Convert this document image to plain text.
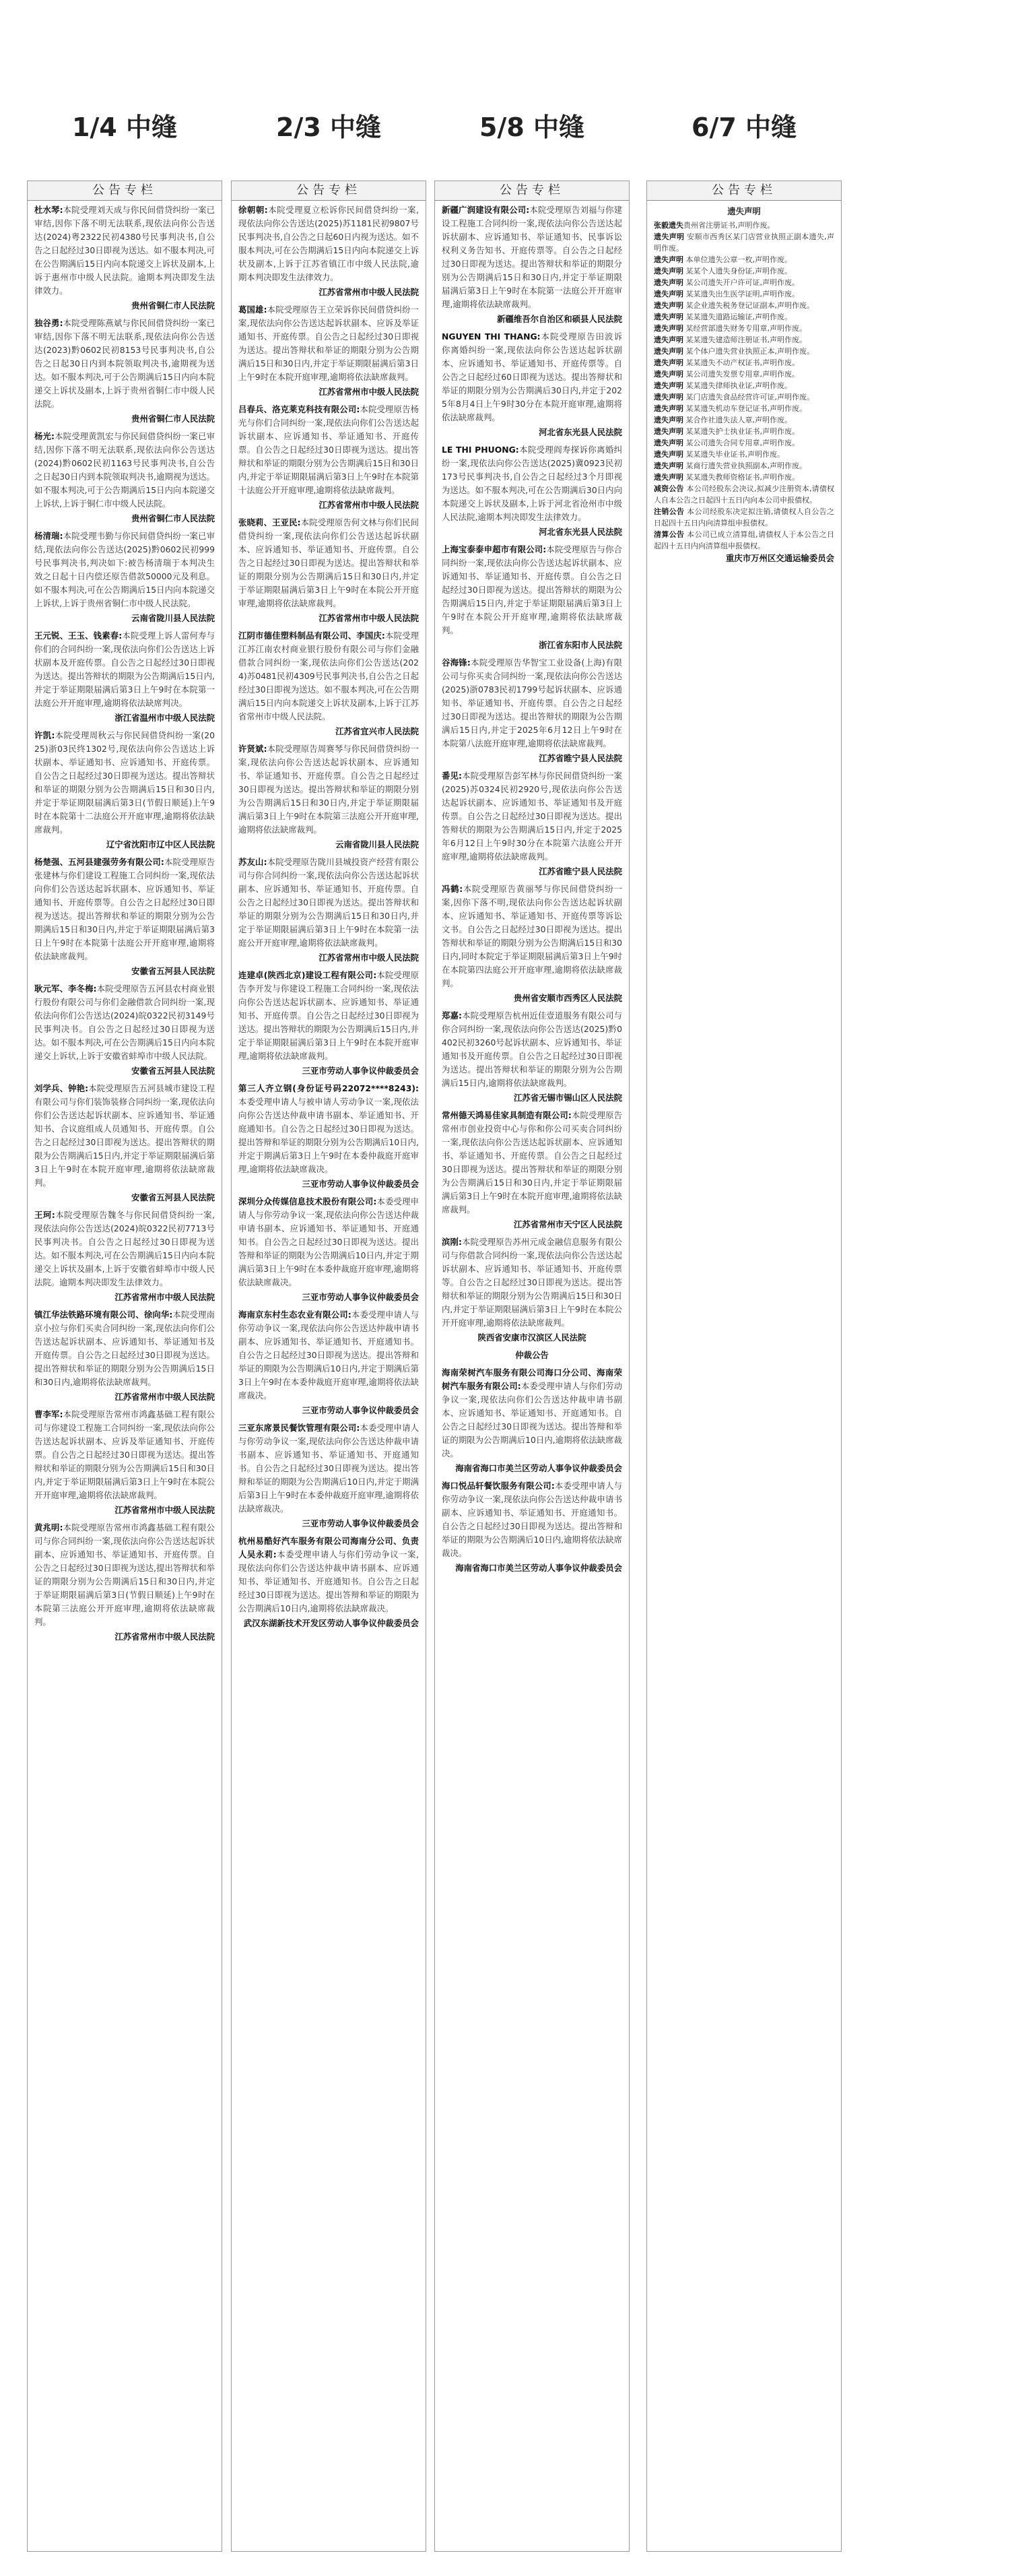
1/4 中缝	2/3 中缝	5/8 中缝	6/7 中缝
公告专栏
杜水琴:本院受理刘天成与你民间借贷纠纷一案已审结,因你下落不明无法联系,现依法向你公告送达(2024)粤2322民初4380号民事判决书,自公告之日起经过30日即视为送达。如不服本判决,可在公告期满后15日内向本院递交上诉状及副本,上诉于惠州市中级人民法院。逾期本判决即发生法律效力。
贵州省铜仁市人民法院
独谷勇:本院受理陈燕斌与你民间借贷纠纷一案已审结,因你下落不明无法联系,现依法向你公告送达(2023)黔0602民初8153号民事判决书,自公告之日起30日内到本院领取判决书,逾期视为送达。如不服本判决,可于公告期满后15日内向本院递交上诉状及副本,上诉于贵州省铜仁市中级人民法院。
贵州省铜仁市人民法院
杨光:本院受理黄凯宏与你民间借贷纠纷一案已审结,因你下落不明无法联系,现依法向你公告送达(2024)黔0602民初1163号民事判决书,自公告之日起30日内到本院领取判决书,逾期视为送达。如不服本判决,可于公告期满后15日内向本院递交上诉状,上诉于铜仁市中级人民法院。
贵州省铜仁市人民法院
杨清瑞:本院受理韦勤与你民间借贷纠纷一案已审结,现依法向你公告送达(2025)黔0602民初999号民事判决书,判决如下:被告杨清瑞于本判决生效之日起十日内偿还原告借款50000元及利息。如不服本判决,可在公告期满后15日内向本院递交上诉状,上诉于贵州省铜仁市中级人民法院。
云南省陇川县人民法院
王元锐、王玉、钱素春:本院受理上诉人雷何寿与你们的合同纠纷一案,现依法向你们公告送达上诉状副本及开庭传票。自公告之日起经过30日即视为送达。提出答辩状的期限为公告期满后15日内,并定于举证期限届满后第3日上午9时在本院第一法庭公开开庭审理,逾期将依法缺席判决。
浙江省温州市中级人民法院
许凯:本院受理周秋云与你民间借贷纠纷一案(2025)浙03民终1302号,现依法向你公告送达上诉状副本、举证通知书、应诉通知书、开庭传票。自公告之日起经过30日即视为送达。提出答辩状和举证的期限分别为公告期满后15日和30日内,并定于举证期限届满后第3日(节假日顺延)上午9时在本院第十二法庭公开开庭审理,逾期将依法缺席裁判。
辽宁省沈阳市辽中区人民法院
杨楚强、五河县建强劳务有限公司:本院受理原告张建林与你们建设工程施工合同纠纷一案,现依法向你们公告送达起诉状副本、应诉通知书、举证通知书、开庭传票等。自公告之日起经过30日即视为送达。提出答辩状和举证的期限分别为公告期满后15日和30日内,并定于举证期限届满后第3日上午9时在本院第十法庭公开开庭审理,逾期将依法缺席裁判。
安徽省五河县人民法院
耿元军、李冬梅:本院受理原告五河县农村商业银行股份有限公司与你们金融借款合同纠纷一案,现依法向你们公告送达(2024)皖0322民初3149号民事判决书。自公告之日起经过30日即视为送达。如不服本判决,可在公告期满后15日内向本院递交上诉状,上诉于安徽省蚌埠市中级人民法院。
安徽省五河县人民法院
刘学兵、钟艳:本院受理原告五河县城市建设工程有限公司与你们装饰装修合同纠纷一案,现依法向你们公告送达起诉状副本、应诉通知书、举证通知书、合议庭组成人员通知书、开庭传票。自公告之日起经过30日即视为送达。提出答辩状的期限为公告期满后15日内,并定于举证期限届满后第3日上午9时在本院开庭审理,逾期将依法缺席裁判。
安徽省五河县人民法院
王珂:本院受理原告魏冬与你民间借贷纠纷一案,现依法向你公告送达(2024)皖0322民初7713号民事判决书。自公告之日起经过30日即视为送达。如不服本判决,可在公告期满后15日内向本院递交上诉状及副本,上诉于安徽省蚌埠市中级人民法院。逾期本判决即发生法律效力。
江苏省常州市中级人民法院
镇江华法铁路环境有限公司、徐向华:本院受理南京小拉与你们买卖合同纠纷一案,现依法向你们公告送达起诉状副本、应诉通知书、举证通知书及开庭传票。自公告之日起经过30日即视为送达。提出答辩状和举证的期限分别为公告期满后15日和30日内,逾期将依法缺席裁判。
江苏省常州市中级人民法院
曹李军:本院受理原告常州市鸿鑫基础工程有限公司与你建设工程施工合同纠纷一案,现依法向你公告送达起诉状副本、应诉及举证通知书、开庭传票。自公告之日起经过30日即视为送达。提出答辩状和举证的期限分别为公告期满后15日和30日内,并定于举证期限届满后第3日上午9时在本院公开开庭审理,逾期将依法缺席裁判。
江苏省常州市中级人民法院
黄兆明:本院受理原告常州市鸿鑫基础工程有限公司与你合同纠纷一案,现依法向你公告送达起诉状副本、应诉通知书、举证通知书、开庭传票。自公告之日起经过30日即视为送达,提出答辩状和举证的期限分别为公告期满后15日和30日内,并定于举证期限届满后第3日(节假日顺延)上午9时在本院第三法庭公开开庭审理,逾期将依法缺席裁判。
江苏省常州市中级人民法院
公告专栏
徐朝朝:本院受理夏立松诉你民间借贷纠纷一案,现依法向你公告送达(2025)苏1181民初9807号民事判决书,自公告之日起60日内视为送达。如不服本判决,可在公告期满后15日内向本院递交上诉状及副本,上诉于江苏省镇江市中级人民法院,逾期本判决即发生法律效力。
江苏省常州市中级人民法院
葛国雄:本院受理原告王立荣诉你民间借贷纠纷一案,现依法向你公告送达起诉状副本、应诉及举证通知书、开庭传票。自公告之日起经过30日即视为送达。提出答辩状和举证的期限分别为公告期满后15日和30日内,并定于举证期限届满后第3日上午9时在本院开庭审理,逾期将依法缺席裁判。
江苏省常州市中级人民法院
吕春兵、洛克莱克科技有限公司:本院受理原告杨光与你们合同纠纷一案,现依法向你们公告送达起诉状副本、应诉通知书、举证通知书、开庭传票。自公告之日起经过30日即视为送达。提出答辩状和举证的期限分别为公告期满后15日和30日内,并定于举证期限届满后第3日上午9时在本院第十法庭公开开庭审理,逾期将依法缺席裁判。
江苏省常州市中级人民法院
张晓莉、王亚民:本院受理原告何文林与你们民间借贷纠纷一案,现依法向你们公告送达起诉状副本、应诉通知书、举证通知书、开庭传票。自公告之日起经过30日即视为送达。提出答辩状和举证的期限分别为公告期满后15日和30日内,并定于举证期限届满后第3日上午9时在本院公开开庭审理,逾期将依法缺席裁判。
江苏省常州市中级人民法院
江阴市德佳塑料制品有限公司、李国庆:本院受理江苏江南农村商业银行股份有限公司与你们金融借款合同纠纷一案,现依法向你们公告送达(2024)苏0481民初4309号民事判决书,自公告之日起经过30日即视为送达。如不服本判决,可在公告期满后15日内向本院递交上诉状及副本,上诉于江苏省常州市中级人民法院。
江苏省宜兴市人民法院
许贤斌:本院受理原告周赛琴与你民间借贷纠纷一案,现依法向你公告送达起诉状副本、应诉通知书、举证通知书、开庭传票。自公告之日起经过30日即视为送达。提出答辩状和举证的期限分别为公告期满后15日和30日内,并定于举证期限届满后第3日上午9时在本院第三法庭公开开庭审理,逾期将依法缺席裁判。
云南省陇川县人民法院
苏友山:本院受理原告陇川县城投资产经营有限公司与你合同纠纷一案,现依法向你公告送达起诉状副本、应诉通知书、举证通知书、开庭传票。自公告之日起经过30日即视为送达。提出答辩状和举证的期限分别为公告期满后15日和30日内,并定于举证期限届满后第3日上午9时在本院第一法庭公开开庭审理,逾期将依法缺席裁判。
江苏省常州市中级人民法院
连建卓(陕西北京)建设工程有限公司:本院受理原告李开发与你建设工程施工合同纠纷一案,现依法向你公告送达起诉状副本、应诉通知书、举证通知书、开庭传票。自公告之日起经过30日即视为送达。提出答辩状的期限为公告期满后15日内,并定于举证期限届满后第3日上午9时在本院开庭审理,逾期将依法缺席裁判。
三亚市劳动人事争议仲裁委员会
第三人齐立钢(身份证号码22072****8243):本委受理申请人与被申请人劳动争议一案,现依法向你公告送达仲裁申请书副本、举证通知书、开庭通知书。自公告之日起经过30日即视为送达。提出答辩和举证的期限分别为公告期满后10日内,并定于期满后第3日上午9时在本委仲裁庭开庭审理,逾期将依法缺席裁决。
三亚市劳动人事争议仲裁委员会
深圳分众传媒信息技术股份有限公司:本委受理申请人与你劳动争议一案,现依法向你公告送达仲裁申请书副本、应诉通知书、举证通知书、开庭通知书。自公告之日起经过30日即视为送达。提出答辩和举证的期限为公告期满后10日内,并定于期满后第3日上午9时在本委仲裁庭开庭审理,逾期将依法缺席裁决。
三亚市劳动人事争议仲裁委员会
海南京东村生态农业有限公司:本委受理申请人与你劳动争议一案,现依法向你公告送达仲裁申请书副本、应诉通知书、举证通知书、开庭通知书。自公告之日起经过30日即视为送达。提出答辩和举证的期限为公告期满后10日内,并定于期满后第3日上午9时在本委仲裁庭开庭审理,逾期将依法缺席裁决。
三亚市劳动人事争议仲裁委员会
三亚东席景民餐饮管理有限公司:本委受理申请人与你劳动争议一案,现依法向你公告送达仲裁申请书副本、应诉通知书、举证通知书、开庭通知书。自公告之日起经过30日即视为送达。提出答辩和举证的期限为公告期满后10日内,并定于期满后第3日上午9时在本委仲裁庭开庭审理,逾期将依法缺席裁决。
三亚市劳动人事争议仲裁委员会
杭州易酷好汽车服务有限公司海南分公司、负责人吴永莉:本委受理申请人与你们劳动争议一案,现依法向你们公告送达仲裁申请书副本、应诉通知书、举证通知书、开庭通知书。自公告之日起经过30日即视为送达。提出答辩和举证的期限为公告期满后10日内,逾期将依法缺席裁决。
武汉东湖新技术开发区劳动人事争议仲裁委员会
公告专栏
新疆广润建设有限公司:本院受理原告刘福与你建设工程施工合同纠纷一案,现依法向你公告送达起诉状副本、应诉通知书、举证通知书、民事诉讼权利义务告知书、开庭传票等。自公告之日起经过30日即视为送达。提出答辩状和举证的期限分别为公告期满后15日和30日内,并定于举证期限届满后第3日上午9时在本院第一法庭公开开庭审理,逾期将依法缺席裁判。
新疆维吾尔自治区和硕县人民法院
NGUYEN THI THANG:本院受理原告田波诉你离婚纠纷一案,现依法向你公告送达起诉状副本、应诉通知书、举证通知书、开庭传票等。自公告之日起经过60日即视为送达。提出答辩状和举证的期限分别为公告期满后30日内,并定于2025年8月4日上午9时30分在本院开庭审理,逾期将依法缺席裁判。
河北省东光县人民法院
LE THI PHUONG:本院受理阎寿探诉你离婚纠纷一案,现依法向你公告送达(2025)冀0923民初173号民事判决书,自公告之日起经过3个月即视为送达。如不服本判决,可在公告期满后30日内向本院递交上诉状及副本,上诉于河北省沧州市中级人民法院,逾期本判决即发生法律效力。
河北省东光县人民法院
上海宝泰泰申超市有限公司:本院受理原告与你合同纠纷一案,现依法向你公告送达起诉状副本、应诉通知书、举证通知书、开庭传票。自公告之日起经过30日即视为送达。提出答辩状的期限为公告期满后15日内,并定于举证期限届满后第3日上午9时在本院公开开庭审理,逾期将依法缺席裁判。
浙江省东阳市人民法院
谷海锋:本院受理原告华智宝工业设备(上海)有限公司与你买卖合同纠纷一案,现依法向你公告送达(2025)浙0783民初1799号起诉状副本、应诉通知书、举证通知书、开庭传票。自公告之日起经过30日即视为送达。提出答辩状的期限为公告期满后15日内,并定于2025年6月12日上午9时在本院第八法庭开庭审理,逾期将依法缺席裁判。
江苏省睢宁县人民法院
番见:本院受理原告彭军林与你民间借贷纠纷一案(2025)苏0324民初2920号,现依法向你公告送达起诉状副本、应诉通知书、举证通知书及开庭传票。自公告之日起经过30日即视为送达。提出答辩状的期限为公告期满后15日内,并定于2025年6月12日上午9时30分在本院第六法庭公开开庭审理,逾期将依法缺席裁判。
江苏省睢宁县人民法院
冯鹤:本院受理原告黄丽琴与你民间借贷纠纷一案,因你下落不明,现依法向你公告送达起诉状副本、应诉通知书、举证通知书、开庭传票等诉讼文书。自公告之日起经过30日即视为送达。提出答辩状和举证的期限分别为公告期满后15日和30日内,同时本院定于举证期限届满后第3日上午9时在本院第四法庭公开开庭审理,逾期将依法缺席裁判。
贵州省安顺市西秀区人民法院
郑嘉:本院受理原告杭州近佳壹道服务有限公司与你合同纠纷一案,现依法向你公告送达(2025)黔0402民初3260号起诉状副本、应诉通知书、举证通知书及开庭传票。自公告之日起经过30日即视为送达。提出答辩状和举证的期限分别为公告期满后15日内,逾期将依法缺席裁判。
江苏省无锡市锡山区人民法院
常州德天鸿易佳家具制造有限公司:本院受理原告常州市创业投资中心与你和你公司买卖合同纠纷一案,现依法向你公告送达起诉状副本、应诉通知书、举证通知书、开庭传票。自公告之日起经过30日即视为送达。提出答辩状和举证的期限分别为公告期满后15日和30日内,并定于举证期限届满后第3日上午9时在本院开庭审理,逾期将依法缺席裁判。
江苏省常州市天宁区人民法院
滨刚:本院受理原告苏州元成金融信息服务有限公司与你借款合同纠纷一案,现依法向你公告送达起诉状副本、应诉通知书、举证通知书、开庭传票等。自公告之日起经过30日即视为送达。提出答辩状和举证的期限分别为公告期满后15日和30日内,并定于举证期限届满后第3日上午9时在本院公开开庭审理,逾期将依法缺席裁判。
陕西省安康市汉滨区人民法院
仲裁公告
海南荣树汽车服务有限公司海口分公司、海南荣树汽车服务有限公司:本委受理申请人与你们劳动争议一案,现依法向你们公告送达仲裁申请书副本、应诉通知书、举证通知书、开庭通知书。自公告之日起经过30日即视为送达。提出答辩和举证的期限为公告期满后10日内,逾期将依法缺席裁决。
海南省海口市美兰区劳动人事争议仲裁委员会
海口悦品轩餐饮服务有限公司:本委受理申请人与你劳动争议一案,现依法向你公告送达仲裁申请书副本、应诉通知书、举证通知书、开庭通知书。自公告之日起经过30日即视为送达。提出答辩和举证的期限为公告期满后10日内,逾期将依法缺席裁决。
海南省海口市美兰区劳动人事争议仲裁委员会
公告专栏
遗失声明
张毅遗失贵州省注册证书,声明作废。
遗失声明 安顺市西秀区某门店营业执照正副本遗失,声明作废。
遗失声明 本单位遗失公章一枚,声明作废。
遗失声明 某某个人遗失身份证,声明作废。
遗失声明 某公司遗失开户许可证,声明作废。
遗失声明 某某遗失出生医学证明,声明作废。
遗失声明 某企业遗失税务登记证副本,声明作废。
遗失声明 某某遗失道路运输证,声明作废。
遗失声明 某经营部遗失财务专用章,声明作废。
遗失声明 某某遗失建造师注册证书,声明作废。
遗失声明 某个体户遗失营业执照正本,声明作废。
遗失声明 某某遗失不动产权证书,声明作废。
遗失声明 某公司遗失发票专用章,声明作废。
遗失声明 某某遗失律师执业证,声明作废。
遗失声明 某门店遗失食品经营许可证,声明作废。
遗失声明 某某遗失机动车登记证书,声明作废。
遗失声明 某合作社遗失法人章,声明作废。
遗失声明 某某遗失护士执业证书,声明作废。
遗失声明 某公司遗失合同专用章,声明作废。
遗失声明 某某遗失毕业证书,声明作废。
遗失声明 某商行遗失营业执照副本,声明作废。
遗失声明 某某遗失教师资格证书,声明作废。
减资公告 本公司经股东会决议,拟减少注册资本,请债权人自本公告之日起四十五日内向本公司申报债权。
注销公告 本公司经股东决定拟注销,请债权人自公告之日起四十五日内向清算组申报债权。
清算公告 本公司已成立清算组,请债权人于本公告之日起四十五日内向清算组申报债权。
重庆市万州区交通运输委员会
